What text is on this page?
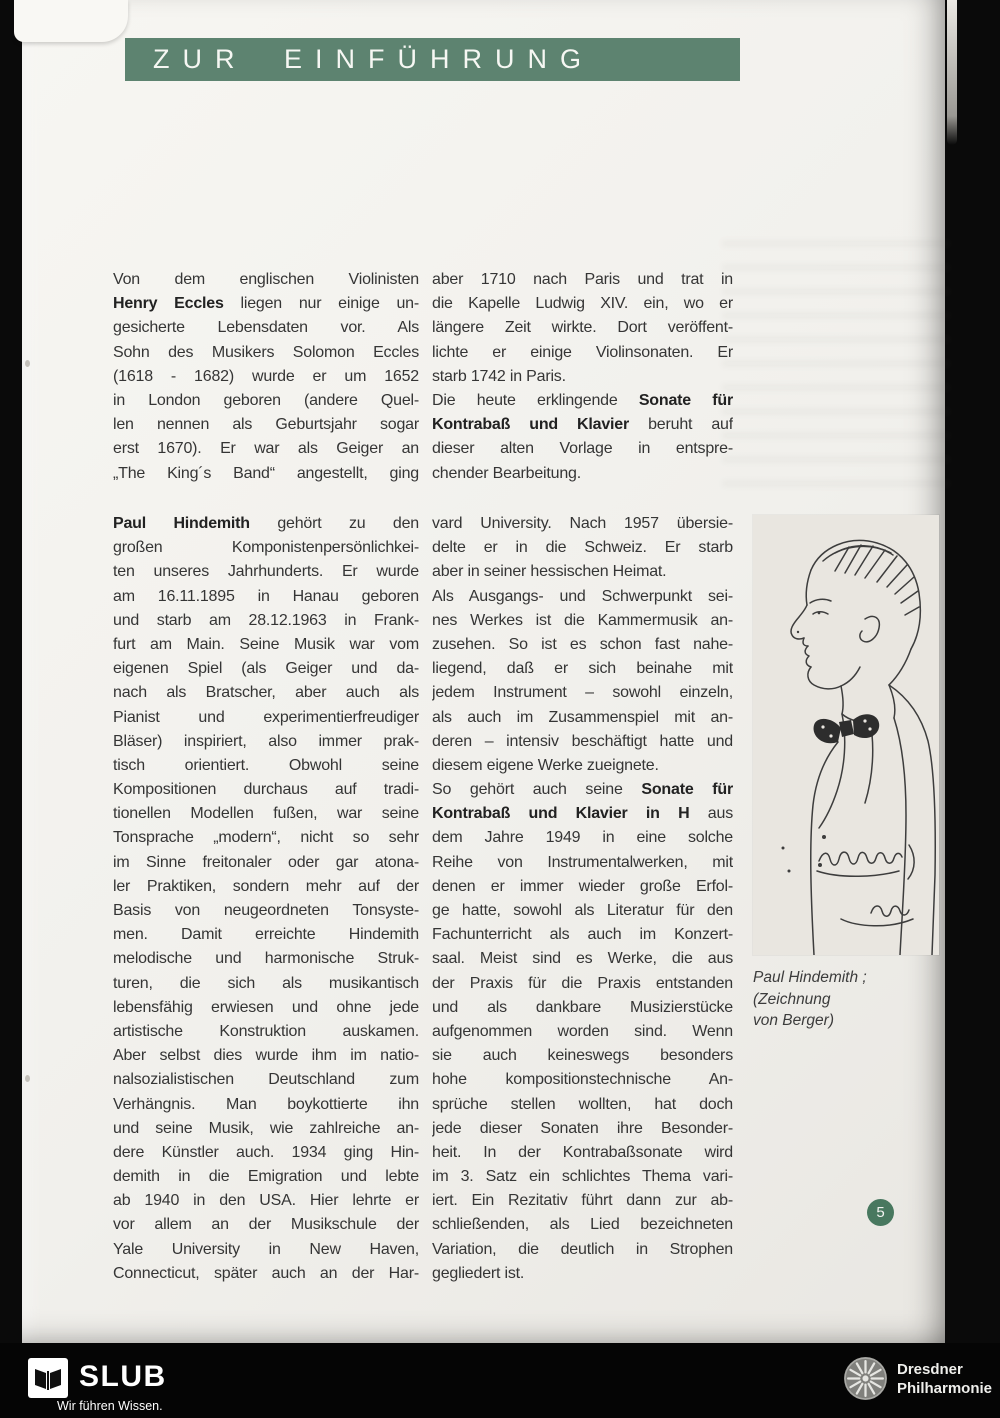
ZUR EINFÜHRUNG
Von dem englischen Violinisten
Henry Eccles liegen nur einige un-
gesicherte Lebensdaten vor. Als
Sohn des Musikers Solomon Eccles
(1618 - 1682) wurde er um 1652
in London geboren (andere Quel-
len nennen als Geburtsjahr sogar
erst 1670). Er war als Geiger an
„The King´s Band“ angestellt, ging
aber 1710 nach Paris und trat in
die Kapelle Ludwig XIV. ein, wo er
längere Zeit wirkte. Dort veröffent-
lichte er einige Violinsonaten. Er
starb 1742 in Paris.
Die heute erklingende Sonate für
Kontrabaß und Klavier beruht auf
dieser alten Vorlage in entspre-
chender Bearbeitung.
Paul Hindemith gehört zu den
großen Komponistenpersönlichkei-
ten unseres Jahrhunderts. Er wurde
am 16.11.1895 in Hanau geboren
und starb am 28.12.1963 in Frank-
furt am Main. Seine Musik war vom
eigenen Spiel (als Geiger und da-
nach als Bratscher, aber auch als
Pianist und experimentierfreudiger
Bläser) inspiriert, also immer prak-
tisch orientiert. Obwohl seine
Kompositionen durchaus auf tradi-
tionellen Modellen fußen, war seine
Tonsprache „modern“, nicht so sehr
im Sinne freitonaler oder gar atona-
ler Praktiken, sondern mehr auf der
Basis von neugeordneten Tonsyste-
men. Damit erreichte Hindemith
melodische und harmonische Struk-
turen, die sich als musikantisch
lebensfähig erwiesen und ohne jede
artistische Konstruktion auskamen.
Aber selbst dies wurde ihm im natio-
nalsozialistischen Deutschland zum
Verhängnis. Man boykottierte ihn
und seine Musik, wie zahlreiche an-
dere Künstler auch. 1934 ging Hin-
demith in die Emigration und lebte
ab 1940 in den USA. Hier lehrte er
vor allem an der Musikschule der
Yale University in New Haven,
Connecticut, später auch an der Har-
vard University. Nach 1957 übersie-
delte er in die Schweiz. Er starb
aber in seiner hessischen Heimat.
Als Ausgangs- und Schwerpunkt sei-
nes Werkes ist die Kammermusik an-
zusehen. So ist es schon fast nahe-
liegend, daß er sich beinahe mit
jedem Instrument – sowohl einzeln,
als auch im Zusammenspiel mit an-
deren – intensiv beschäftigt hatte und
diesem eigene Werke zueignete.
So gehört auch seine Sonate für
Kontrabaß und Klavier in H aus
dem Jahre 1949 in eine solche
Reihe von Instrumentalwerken, mit
denen er immer wieder große Erfol-
ge hatte, sowohl als Literatur für den
Fachunterricht als auch im Konzert-
saal. Meist sind es Werke, die aus
der Praxis für die Praxis entstanden
und als dankbare Musizierstücke
aufgenommen worden sind. Wenn
sie auch keineswegs besonders
hohe kompositionstechnische An-
sprüche stellen wollten, hat doch
jede dieser Sonaten ihre Besonder-
heit. In der Kontrabaßsonate wird
im 3. Satz ein schlichtes Thema vari-
iert. Ein Rezitativ führt dann zur ab-
schließenden, als Lied bezeichneten
Variation, die deutlich in Strophen
gegliedert ist.
Paul Hindemith ;
(Zeichnung
von Berger)
5
SLUB
Wir führen Wissen.
Dresdner
Philharmonie
